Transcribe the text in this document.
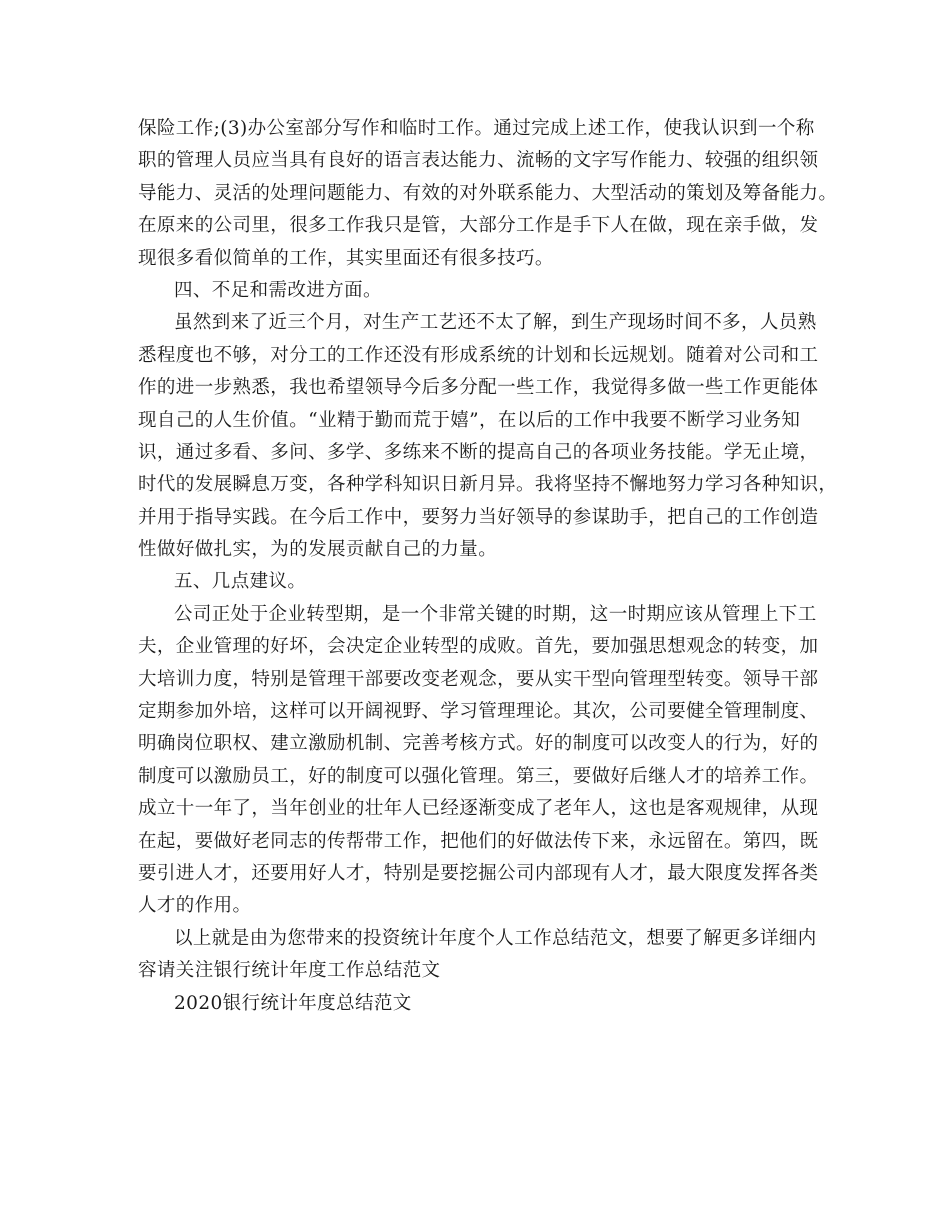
保险工作;(3)办公室部分写作和临时工作。通过完成上述工作，使我认识到一个称
职的管理人员应当具有良好的语言表达能力、流畅的文字写作能力、较强的组织领
导能力、灵活的处理问题能力、有效的对外联系能力、大型活动的策划及筹备能力。
在原来的公司里，很多工作我只是管，大部分工作是手下人在做，现在亲手做，发
现很多看似简单的工作，其实里面还有很多技巧。
四、不足和需改进方面。
虽然到来了近三个月，对生产工艺还不太了解，到生产现场时间不多，人员熟
悉程度也不够，对分工的工作还没有形成系统的计划和长远规划。随着对公司和工
作的进一步熟悉，我也希望领导今后多分配一些工作，我觉得多做一些工作更能体
现自己的人生价值。“业精于勤而荒于嬉”，在以后的工作中我要不断学习业务知
识，通过多看、多问、多学、多练来不断的提高自己的各项业务技能。学无止境，
时代的发展瞬息万变，各种学科知识日新月异。我将坚持不懈地努力学习各种知识，
并用于指导实践。在今后工作中，要努力当好领导的参谋助手，把自己的工作创造
性做好做扎实，为的发展贡献自己的力量。
五、几点建议。
公司正处于企业转型期，是一个非常关键的时期，这一时期应该从管理上下工
夫，企业管理的好坏，会决定企业转型的成败。首先，要加强思想观念的转变，加
大培训力度，特别是管理干部要改变老观念，要从实干型向管理型转变。领导干部
定期参加外培，这样可以开阔视野、学习管理理论。其次，公司要健全管理制度、
明确岗位职权、建立激励机制、完善考核方式。好的制度可以改变人的行为，好的
制度可以激励员工，好的制度可以强化管理。第三，要做好后继人才的培养工作。
成立十一年了，当年创业的壮年人已经逐渐变成了老年人，这也是客观规律，从现
在起，要做好老同志的传帮带工作，把他们的好做法传下来，永远留在。第四，既
要引进人才，还要用好人才，特别是要挖掘公司内部现有人才，最大限度发挥各类
人才的作用。
以上就是由为您带来的投资统计年度个人工作总结范文，想要了解更多详细内
容请关注银行统计年度工作总结范文
2020银行统计年度总结范文
